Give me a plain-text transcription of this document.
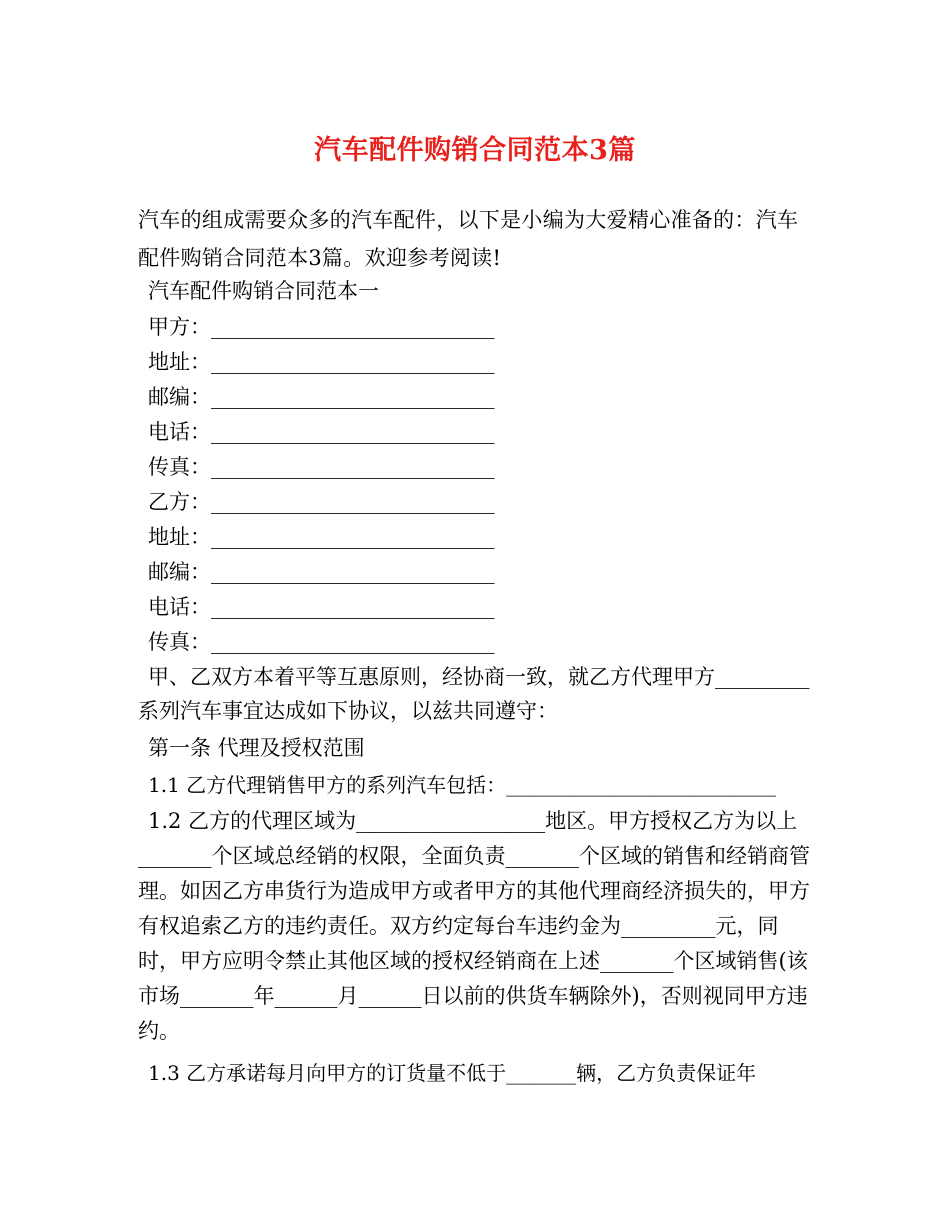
汽车配件购销合同范本3篇
汽车的组成需要众多的汽车配件，以下是小编为大爱精心准备的：汽车配件购销合同范本3篇。欢迎参考阅读!
汽车配件购销合同范本一
甲方：___________________________
地址：___________________________
邮编：___________________________
电话：___________________________
传真：___________________________
乙方：___________________________
地址：___________________________
邮编：___________________________
电话：___________________________
传真：___________________________
甲、乙双方本着平等互惠原则，经协商一致，就乙方代理甲方_________系列汽车事宜达成如下协议，以兹共同遵守：
第一条 代理及授权范围
1.1 乙方代理销售甲方的系列汽车包括：___________________________
1.2 乙方的代理区域为__________________地区。甲方授权乙方为以上_______个区域总经销的权限，全面负责_______个区域的销售和经销商管理。如因乙方串货行为造成甲方或者甲方的其他代理商经济损失的，甲方有权追索乙方的违约责任。双方约定每台车违约金为_________元，同时，甲方应明令禁止其他区域的授权经销商在上述_______个区域销售(该市场_______年______月______日以前的供货车辆除外)，否则视同甲方违约。
1.3 乙方承诺每月向甲方的订货量不低于_______辆，乙方负责保证年
